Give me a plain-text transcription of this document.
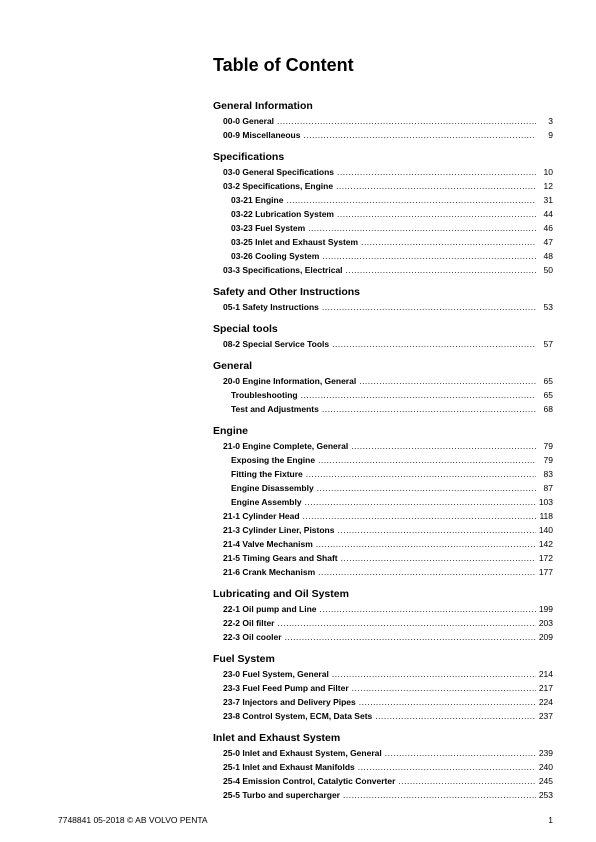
Table of Content
General Information
00-0 General .....	3
00-9 Miscellaneous .....	9
Specifications
03-0 General Specifications .....	10
03-2 Specifications, Engine .....	12
03-21 Engine .....	31
03-22 Lubrication System .....	44
03-23 Fuel System .....	46
03-25 Inlet and Exhaust System .....	47
03-26 Cooling System .....	48
03-3 Specifications, Electrical .....	50
Safety and Other Instructions
05-1 Safety Instructions .....	53
Special tools
08-2 Special Service Tools .....	57
General
20-0 Engine Information, General .....	65
Troubleshooting .....	65
Test and Adjustments .....	68
Engine
21-0 Engine Complete, General .....	79
Exposing the Engine .....	79
Fitting the Fixture .....	83
Engine Disassembly .....	87
Engine Assembly .....	103
21-1 Cylinder Head .....	118
21-3 Cylinder Liner, Pistons .....	140
21-4 Valve Mechanism .....	142
21-5 Timing Gears and Shaft .....	172
21-6 Crank Mechanism .....	177
Lubricating and Oil System
22-1 Oil pump and Line .....	199
22-2 Oil filter .....	203
22-3 Oil cooler .....	209
Fuel System
23-0 Fuel System, General .....	214
23-3 Fuel Feed Pump and Filter .....	217
23-7 Injectors and Delivery Pipes .....	224
23-8 Control System, ECM, Data Sets .....	237
Inlet and Exhaust System
25-0 Inlet and Exhaust System, General .....	239
25-1 Inlet and Exhaust Manifolds .....	240
25-4 Emission Control, Catalytic Converter .....	245
25-5 Turbo and supercharger .....	253
7748841 05-2018 © AB VOLVO PENTA	1
